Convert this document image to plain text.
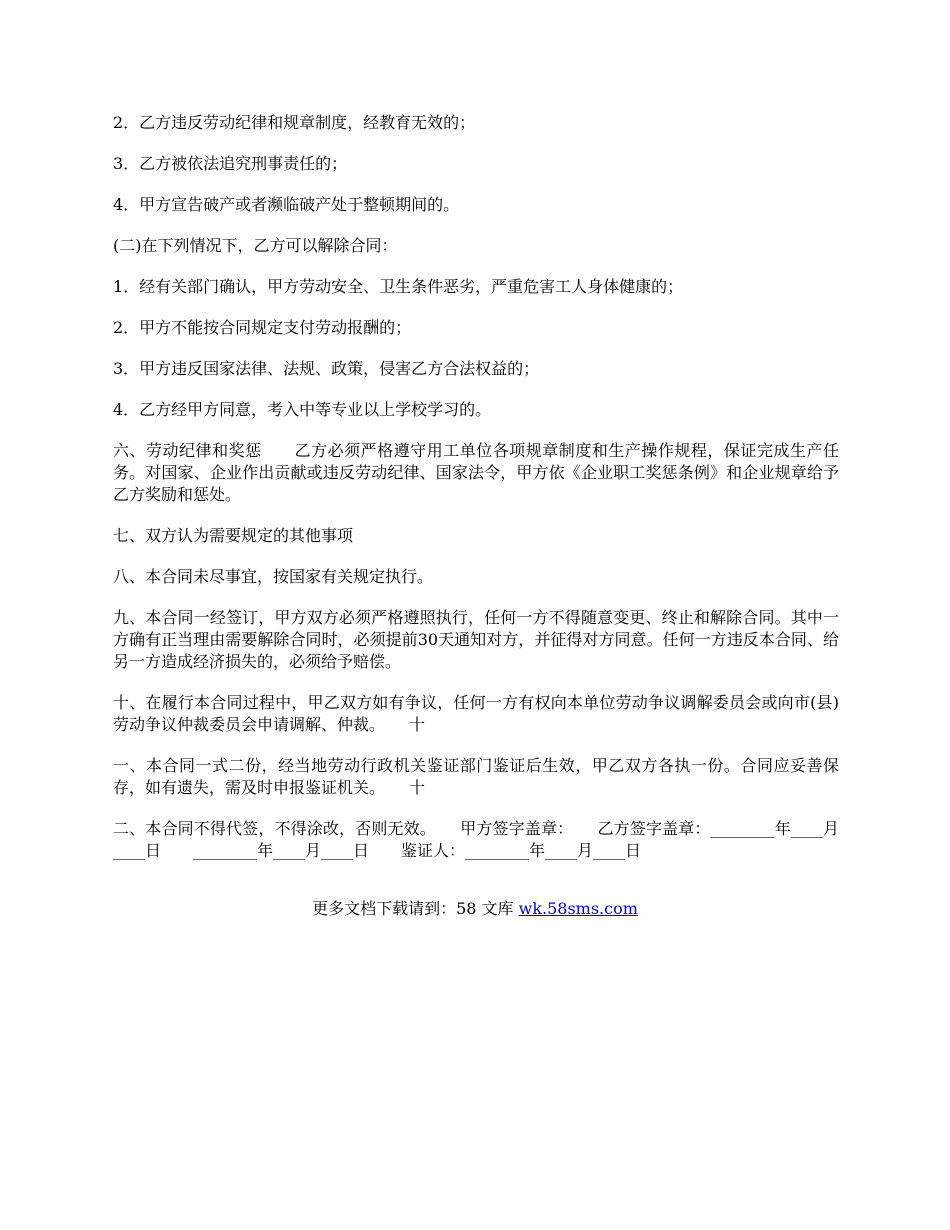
2．乙方违反劳动纪律和规章制度，经教育无效的；

3．乙方被依法追究刑事责任的；

4．甲方宣告破产或者濒临破产处于整顿期间的。

(二)在下列情况下，乙方可以解除合同：

1．经有关部门确认，甲方劳动安全、卫生条件恶劣，严重危害工人身体健康的；

2．甲方不能按合同规定支付劳动报酬的；

3．甲方违反国家法律、法规、政策，侵害乙方合法权益的；

4．乙方经甲方同意，考入中等专业以上学校学习的。

六、劳动纪律和奖惩　　乙方必须严格遵守用工单位各项规章制度和生产操作规程，保证完成生产任务。对国家、企业作出贡献或违反劳动纪律、国家法令，甲方依《企业职工奖惩条例》和企业规章给予乙方奖励和惩处。

七、双方认为需要规定的其他事项

八、本合同未尽事宜，按国家有关规定执行。

九、本合同一经签订，甲方双方必须严格遵照执行，任何一方不得随意变更、终止和解除合同。其中一方确有正当理由需要解除合同时，必须提前30天通知对方，并征得对方同意。任何一方违反本合同、给另一方造成经济损失的，必须给予赔偿。

十、在履行本合同过程中，甲乙双方如有争议，任何一方有权向本单位劳动争议调解委员会或向市(县)劳动争议仲裁委员会申请调解、仲裁。　　十

一、本合同一式二份，经当地劳动行政机关鉴证部门鉴证后生效，甲乙双方各执一份。合同应妥善保存，如有遗失，需及时申报鉴证机关。　　十

二、本合同不得代签，不得涂改，否则无效。　　甲方签字盖章：　　乙方签字盖章：________年____月____日　　________年____月____日　　鉴证人：________年____月____日

更多文档下载请到：58 文库 wk.58sms.com
